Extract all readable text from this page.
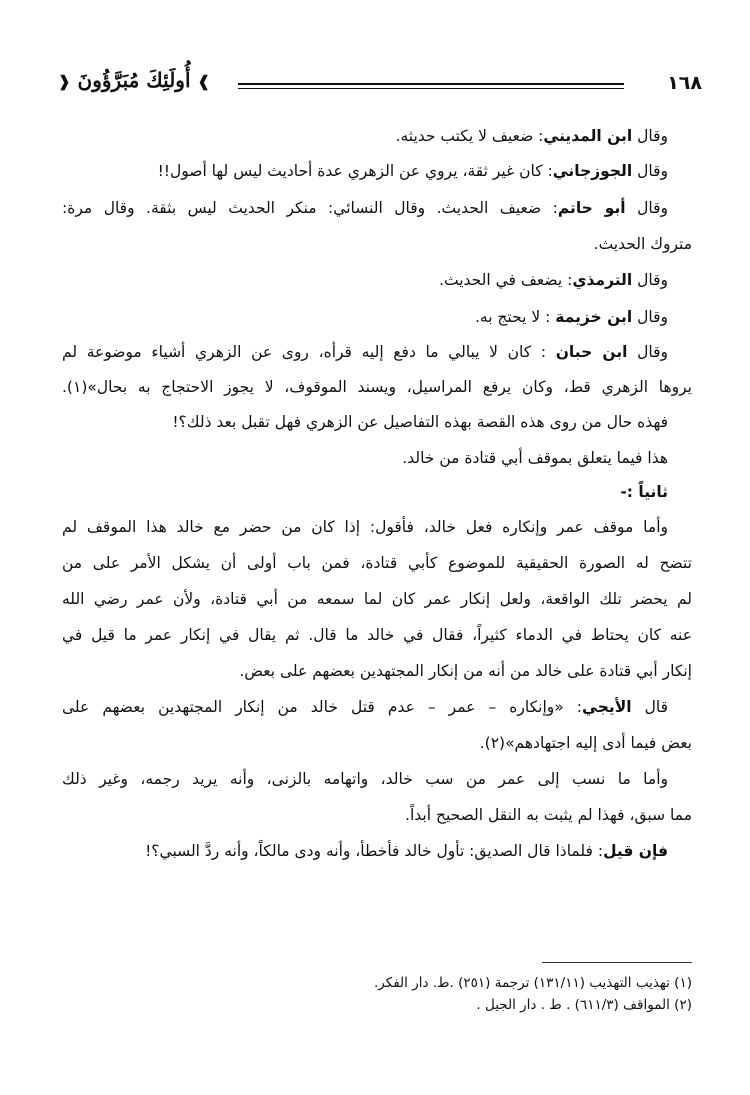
١٦٨
❱ أُولَئِكَ مُبَرَّؤُونَ ❰
وقال ابن المديني: ضعيف لا يكتب حديثه.
وقال الجوزجاني: كان غير ثقة، يروي عن الزهري عدة أحاديث ليس لها أصول!!
وقال أبو حاتم: ضعيف الحديث. وقال النسائي: منكر الحديث ليس بثقة. وقال مرة:
متروك الحديث.
وقال الترمذي: يضعف في الحديث.
وقال ابن خزيمة : لا يحتج به.
وقال ابن حبان : كان لا يبالي ما دفع إليه قرأه، روى عن الزهري أشياء موضوعة لم
يروها الزهري قط، وكان يرفع المراسيل، ويسند الموقوف، لا يجوز الاحتجاج به بحال»(١).
فهذه حال من روى هذه القصة بهذه التفاصيل عن الزهري فهل تقبل بعد ذلك؟!
هذا فيما يتعلق بموقف أبي قتادة من خالد.
ثانياً :-
وأما موقف عمر وإنكاره فعل خالد، فأقول: إذا كان من حضر مع خالد هذا الموقف لم
تتضح له الصورة الحقيقية للموضوع كأبي قتادة، فمن باب أولى أن يشكل الأمر على من
لم يحضر تلك الواقعة، ولعل إنكار عمر كان لما سمعه من أبي قتادة، ولأن عمر رضي الله
عنه كان يحتاط في الدماء كثيراً، فقال في خالد ما قال. ثم يقال في إنكار عمر ما قيل في
إنكار أبي قتادة على خالد من أنه من إنكار المجتهدين بعضهم على بعض.
قال الأيجي: «وإنكاره – عمر – عدم قتل خالد من إنكار المجتهدين بعضهم على
بعض فيما أدى إليه اجتهادهم»(٢).
وأما ما نسب إلى عمر من سب خالد، واتهامه بالزنى، وأنه يريد رجمه، وغير ذلك
مما سبق، فهذا لم يثبت به النقل الصحيح أبداً.
فإن قيل: فلماذا قال الصديق: تأول خالد فأخطأ، وأنه ودى مالكاً، وأنه ردَّ السبي؟!
(١) تهذيب التهذيب (١٣١/١١) ترجمة (٢٥١) .ط. دار الفكر.
(٢) المواقف (٦١١/٣) . ط . دار الجيل .
